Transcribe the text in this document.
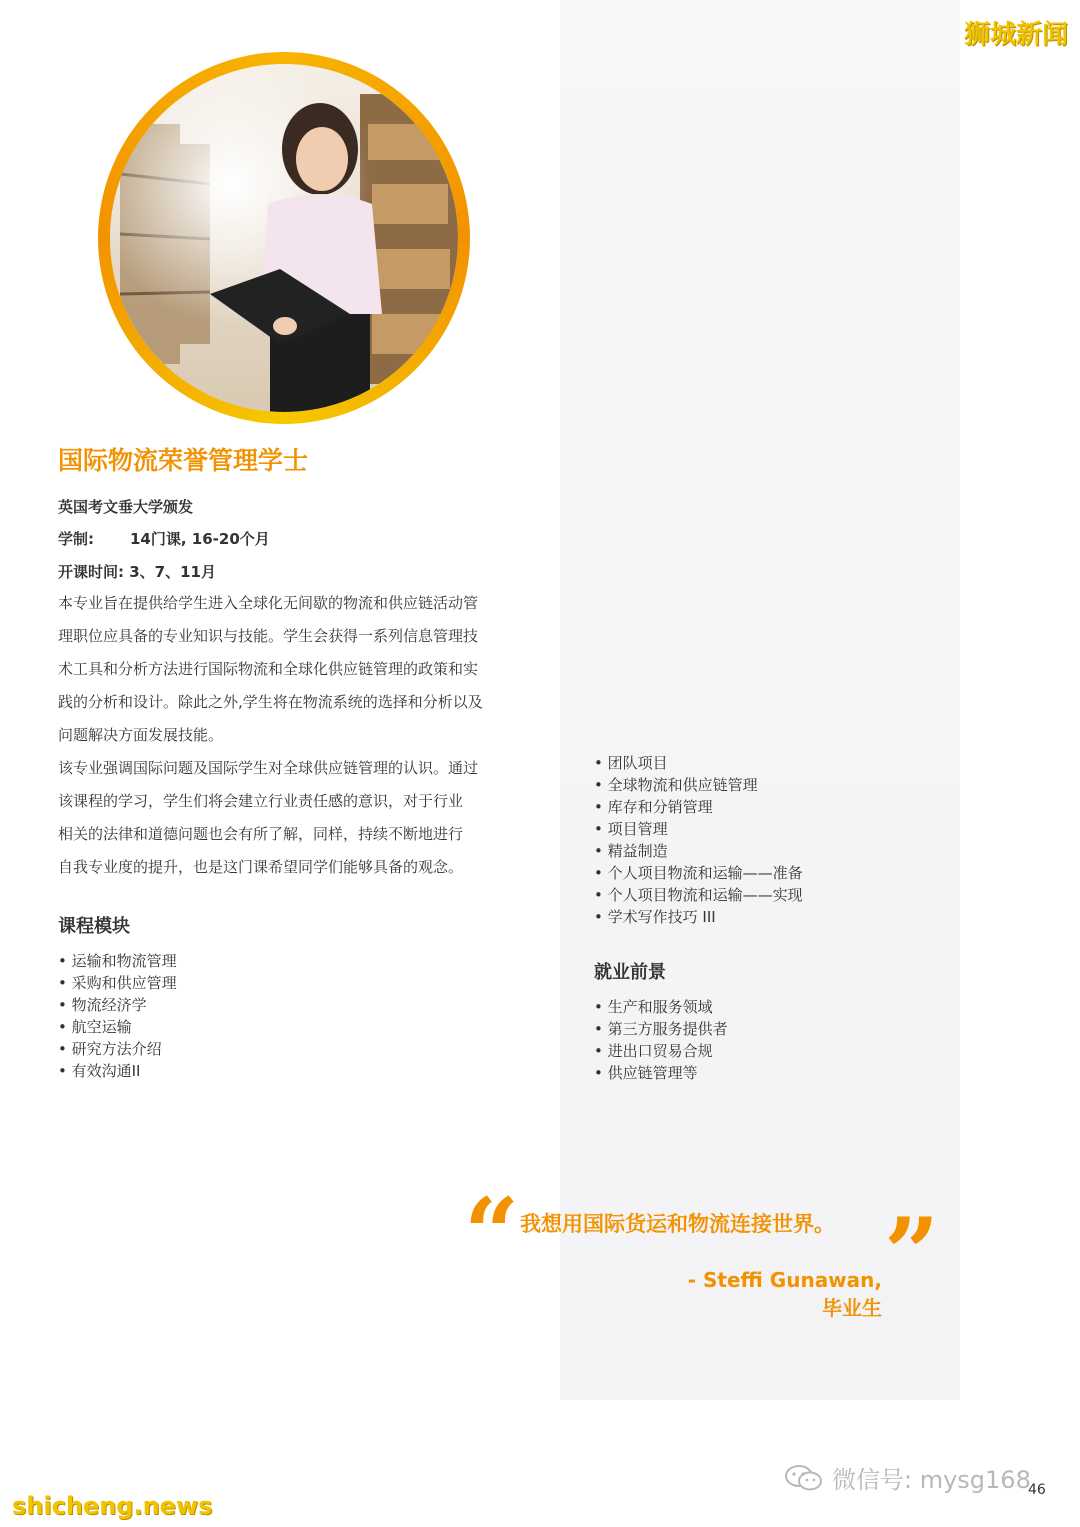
狮城新闻
国际物流荣誉管理学士
英国考文垂大学颁发
学制: 14门课, 16-20个月
开课时间: 3、7、11月

本专业旨在提供给学生进入全球化无间歇的物流和供应链活动管

理职位应具备的专业知识与技能。学生会获得一系列信息管理技

术工具和分析方法进行国际物流和全球化供应链管理的政策和实

践的分析和设计。除此之外,学生将在物流系统的选择和分析以及

问题解决方面发展技能。

该专业强调国际问题及国际学生对全球供应链管理的认识。通过

该课程的学习，学生们将会建立行业责任感的意识，对于行业

相关的法律和道德问题也会有所了解，同样，持续不断地进行

自我专业度的提升，也是这门课希望同学们能够具备的观念。

课程模块
• 运输和物流管理
• 采购和供应管理
• 物流经济学
• 航空运输
• 研究方法介绍
• 有效沟通II
• 团队项目
• 全球物流和供应链管理
• 库存和分销管理
• 项目管理
• 精益制造
• 个人项目物流和运输——准备
• 个人项目物流和运输——实现
• 学术写作技巧 III
就业前景
• 生产和服务领域
• 第三方服务提供者
• 进出口贸易合规
• 供应链管理等
“ 我想用国际货运和物流连接世界。 ”
- Steffi Gunawan,
毕业生
微信号: mysg168
46
shicheng.news
